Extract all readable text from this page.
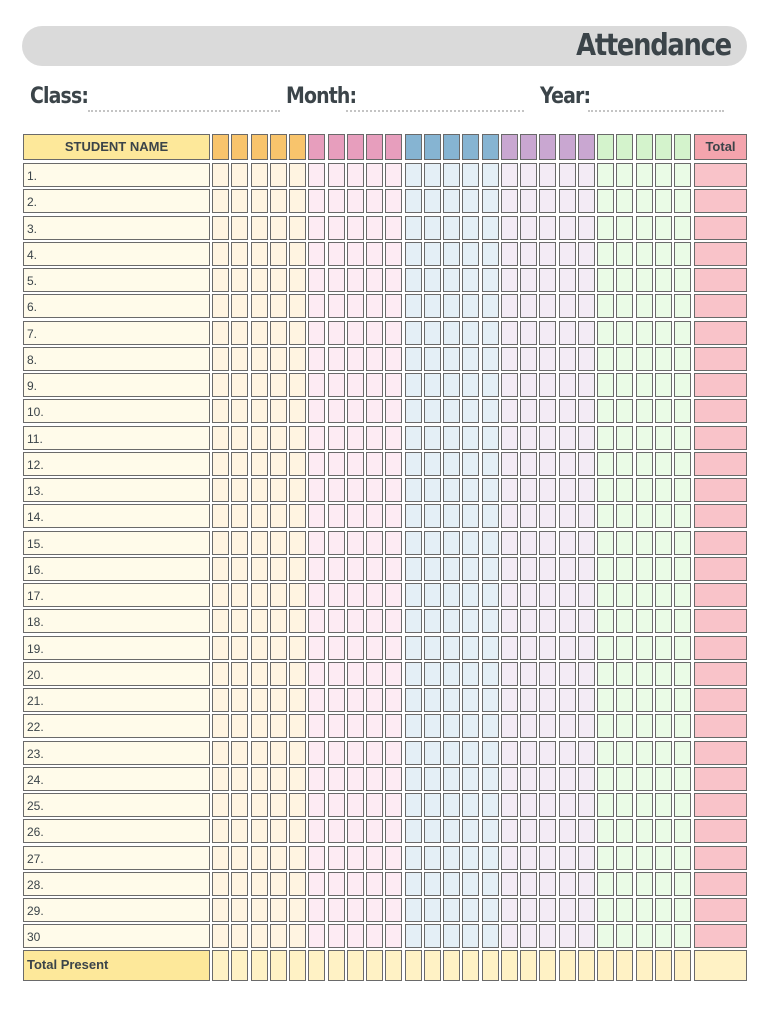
Attendance
Class:	Month:	Year:
STUDENT NAME	Total
1.
2.
3.
4.
5.
6.
7.
8.
9.
10.
11.
12.
13.
14.
15.
16.
17.
18.
19.
20.
21.
22.
23.
24.
25.
26.
27.
28.
29.
30
Total Present
